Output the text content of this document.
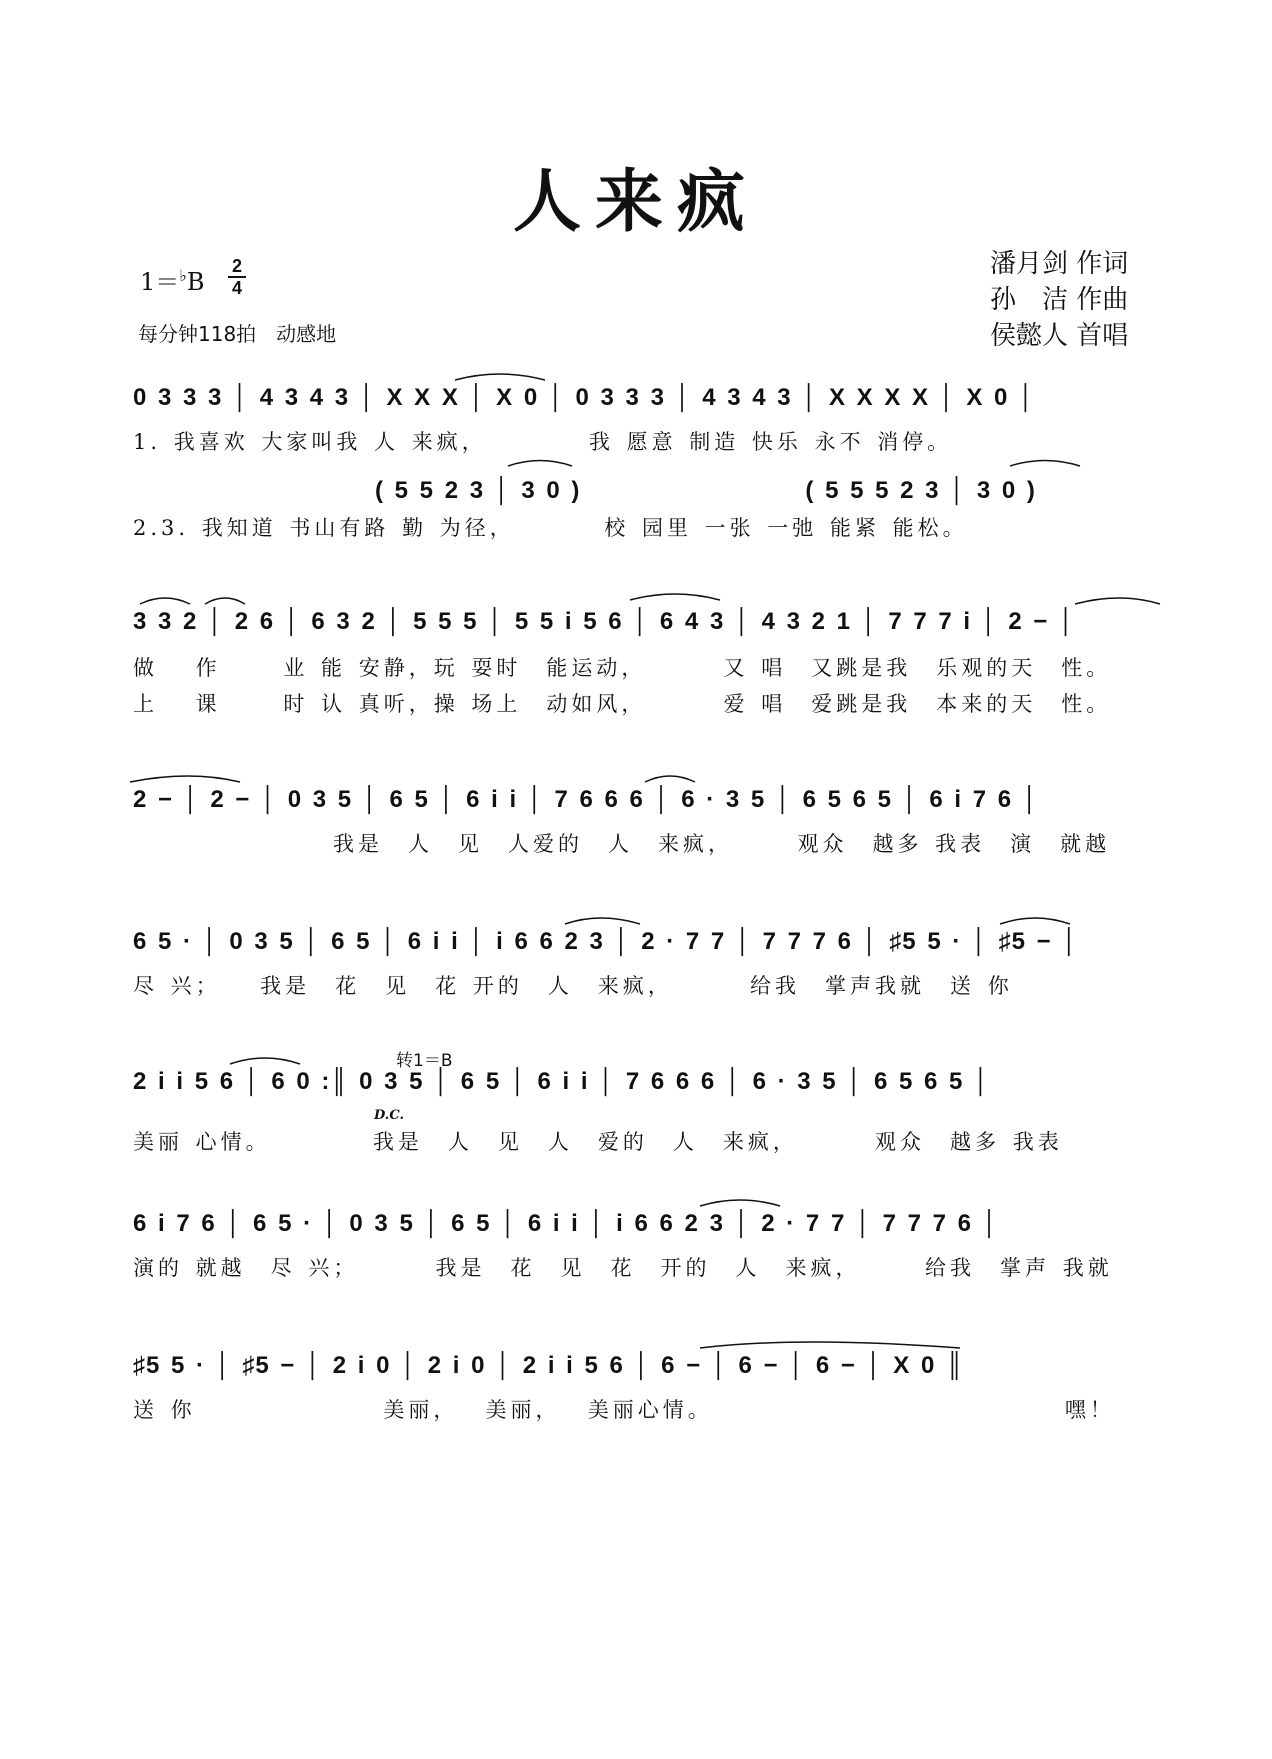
人来疯
1＝♭B
2
4
每分钟118拍　动感地
潘月剑 作词
孙　洁 作曲
侯懿人 首唱
0 3 3 3 │ 4 3 4 3 │ X X X │ X 0 │ 0 3 3 3 │ 4 3 4 3 │ X X X X │ X 0 │
1. 我喜欢 大家叫我 人 来疯，　　　　 我 愿意 制造 快乐 永不 消停。
( 5 5 2 3 │ 3 0 )　　　　　　　　　( 5 5 5 2 3 │ 3 0 )
2.3. 我知道 书山有路 勤 为径，　　　　校 园里 一张 一弛 能紧 能松。
3 3 2 │ 2 6 │ 6 3 2 │ 5 5 5 │ 5 5 i 5 6 │ 6 4 3 │ 4 3 2 1 │ 7 7 7 i │ 2 − │
做　 作　　 业 能 安静，玩 耍时　能运动，　　　 又 唱　又跳是我　乐观的天　性。
上　 课　　 时 认 真听，操 场上　动如风，　　　 爱 唱　爱跳是我　本来的天　性。
2 − │ 2 − │ 0 3 5 │ 6 5 │ 6 i i │ 7 6 6 6 │ 6 · 3 5 │ 6 5 6 5 │ 6 i 7 6 │
　　　　　　　　我是　人　见　人爱的　人　来疯，　　　观众　越多 我表　演　就越
6 5 · │ 0 3 5 │ 6 5 │ 6 i i │ i 6 6 2 3 │ 2 · 7 7 │ 7 7 7 6 │ ♯5 5 · │ ♯5 − │
尽 兴；　　我是　花　见　花 开的　人　来疯，　　　 给我　掌声我就　送 你
转1＝B
2 i i 5 6 │ 6 0 :║ 0 3 5 │ 6 5 │ 6 i i │ 7 6 6 6 │ 6 · 3 5 │ 6 5 6 5 │
D.C.
美丽 心情。　　　　 我是　人　见　人　爱的　人　来疯，　　　 观众　越多 我表
6 i 7 6 │ 6 5 · │ 0 3 5 │ 6 5 │ 6 i i │ i 6 6 2 3 │ 2 · 7 7 │ 7 7 7 6 │
演的 就越　尽 兴；　　　 我是　花　见　花　开的　人　来疯，　　　给我　掌声 我就
♯5 5 · │ ♯5 − │ 2 i 0 │ 2 i 0 │ 2 i i 5 6 │ 6 − │ 6 − │ 6 − │ X 0 ║
送 你　　　　　　　 美丽，　 美丽，　 美丽心情。　　　　　　　　　　　　　　 嘿！
